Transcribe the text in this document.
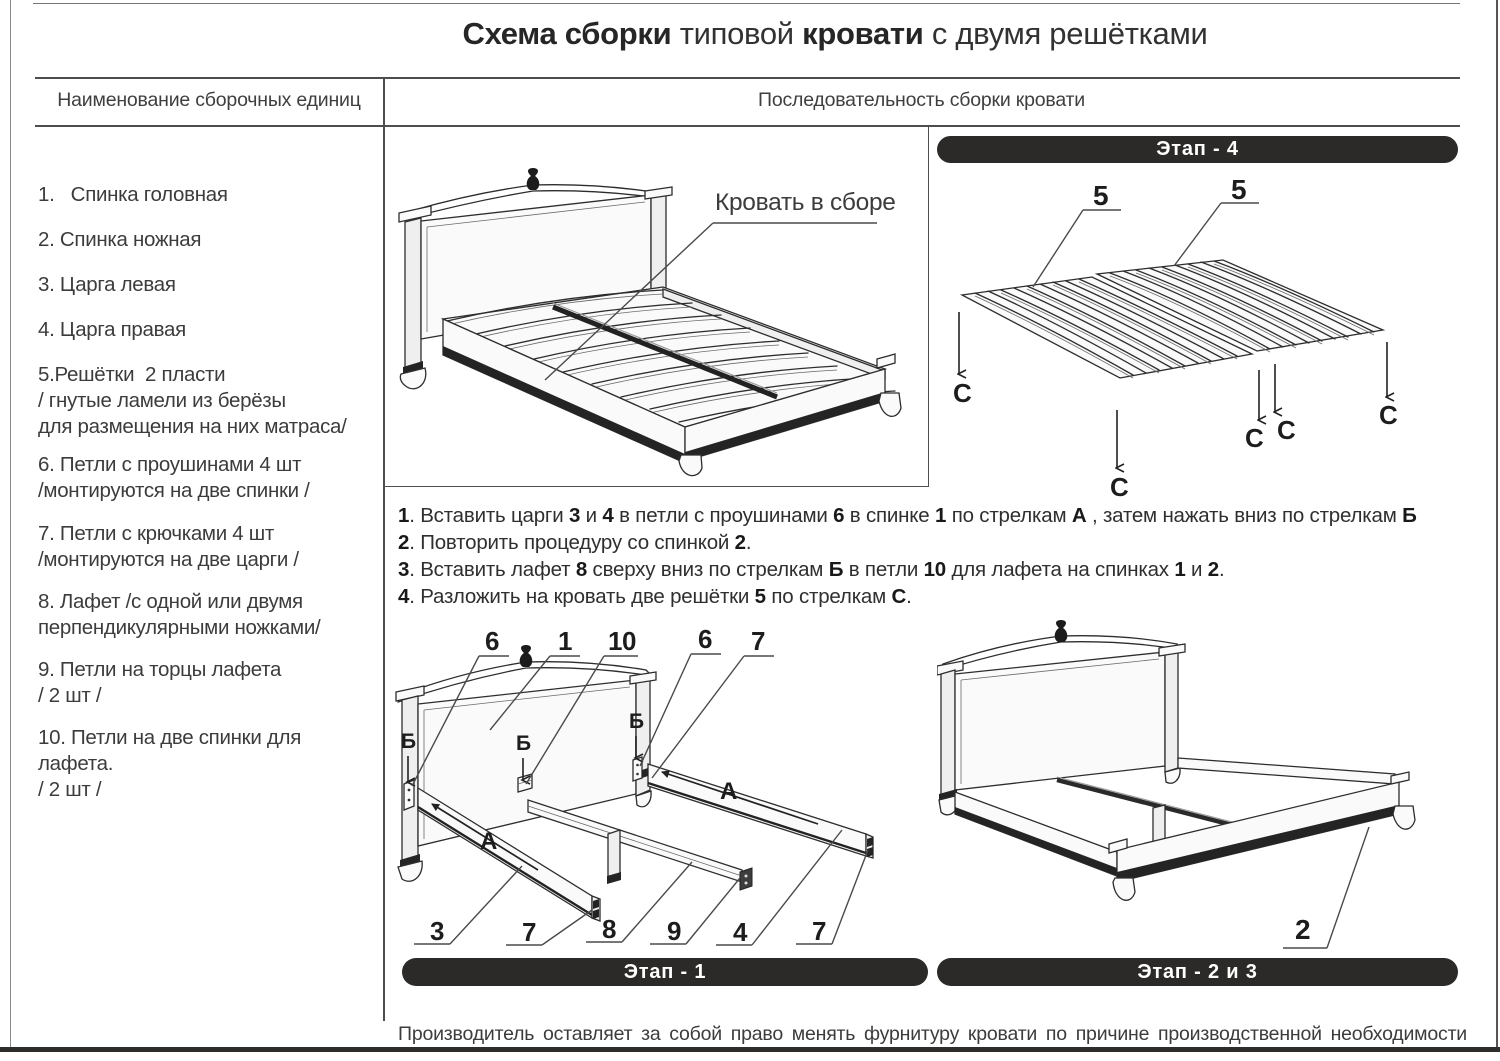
Схема сборки типовой кровати с двумя решётками
Наименование сборочных единиц	Последовательность сборки кровати
1.   Спинка головная
2. Спинка ножная
3. Царга левая
4. Царга правая
5.Решётки  2 пласти
/ гнутые ламели из берёзы
для размещения на них матраса/
6. Петли с проушинами 4 шт
/монтируются на две спинки /
7. Петли с крючками 4 шт
/монтируются на две царги /
8. Лафет /с одной или двумя
перпендикулярными ножками/
9. Петли на торцы лафета
/ 2 шт /
10. Петли на две спинки для лафета.
/ 2 шт /
Кровать в сборе
Этап - 4
5	5
С
С
С С	С
1. Вставить царги 3 и 4 в петли с проушинами 6 в спинке 1 по стрелкам А , затем нажать вниз по стрелкам Б
2. Повторить процедуру со спинкой 2.
3. Вставить лафет 8 сверху вниз по стрелкам Б в петли 10 для лафета на спинках 1 и 2.
4. Разложить на кровать две решётки 5 по стрелкам С.
6 1 10 6 7
3	7	8 9 4	7
Б	Б
Б
А
А
Этап - 1
2
Этап - 2 и 3
Производитель оставляет за собой право менять фурнитуру кровати по причине производственной необходимости
